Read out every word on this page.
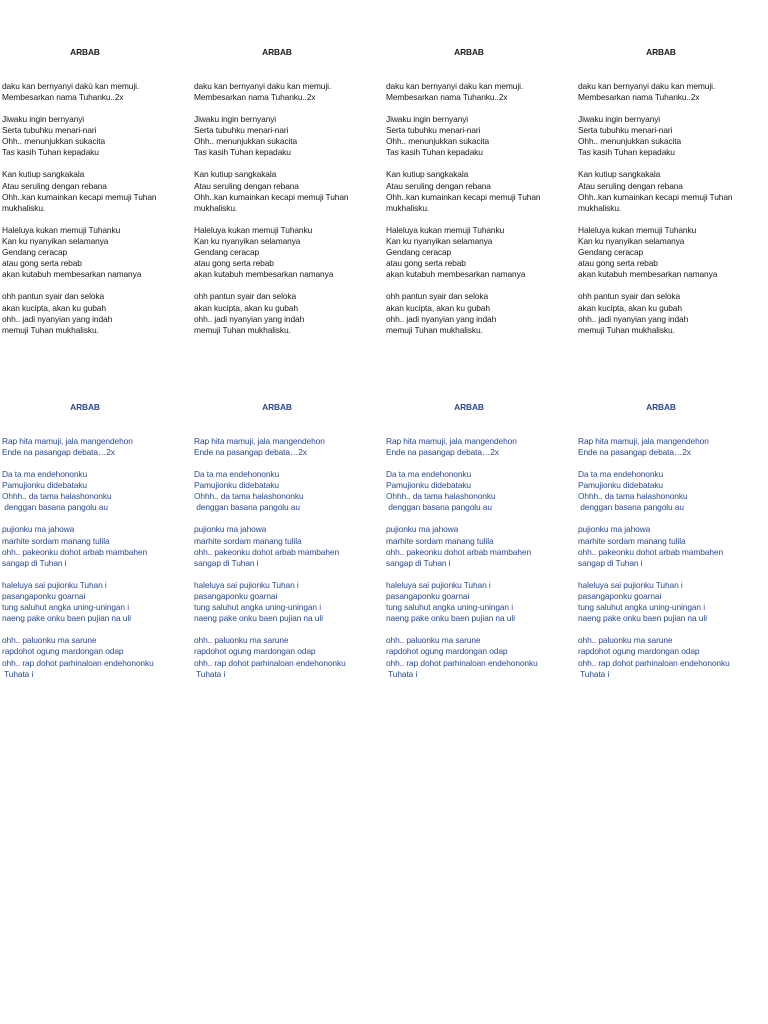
ARBAB

daku kan bernyanyi dakù kan memuji.
Membesarkan nama Tuhanku..2x
Jiwaku ingin bernyanyi
Serta tubuhku menari-nari
Ohh.. menunjukkan sukacita
Tas kasih Tuhan kepadaku
Kan kutiup sangkakala
Atau seruling dengan rebana
Ohh..kan kumainkan kecapi memuji Tuhan
mukhalisku.
Haleluya kukan memuji Tuhanku
Kan ku nyanyikan selamanya
Gendang ceracap
atau gong serta rebab
akan kutabuh membesarkan namanya
ohh pantun syair dan seloka
akan kucipta, akan ku gubah
ohh.. jadi nyanyian yang indah
memuji Tuhan mukhalisku.

ARBAB

Rap hita mamuji, jala mangendehon
Ende na pasangap debata…2x
Da ta ma endehononku
Pamujionku didebataku
Ohhh.. da tama halashononku
denggan basana pangolu au
pujionku ma jahowa
marhite sordam manang tulila
ohh.. pakeonku dohot arbab mambahen
sangap di Tuhan i
haleluya sai pujionku Tuhan i
pasangaponku goarnai
tung saluhut angka uning-uningan i
naeng pake onku baen pujian na uli
ohh.. paluonku ma sarune
rapdohot ogung mardongan odap
ohh.. rap dohot parhinaloan endehononku
Tuhata i

ARBAB

daku kan bernyanyi daku kan memuji.
Membesarkan nama Tuhanku..2x
Jiwaku ingin bernyanyi
Serta tubuhku menari-nari
Ohh.. menunjukkan sukacita
Tas kasih Tuhan kepadaku
Kan kutiup sangkakala
Atau seruling dengan rebana
Ohh..kan kumainkan kecapi memuji Tuhan
mukhalisku.
Haleluya kukan memuji Tuhanku
Kan ku nyanyikan selamanya
Gendang ceracap
atau gong serta rebab
akan kutabuh membesarkan namanya
ohh pantun syair dan seloka
akan kucipta, akan ku gubah
ohh.. jadi nyanyian yang indah
memuji Tuhan mukhalisku.

ARBAB

Rap hita mamuji, jala mangendehon
Ende na pasangap debata…2x
Da ta ma endehononku
Pamujionku didebataku
Ohhh.. da tama halashononku
denggan basana pangolu au
pujionku ma jahowa
marhite sordam manang tulila
ohh.. pakeonku dohot arbab mambahen
sangap di Tuhan i
haleluya sai pujionku Tuhan i
pasangaponku goarnai
tung saluhut angka uning-uningan i
naeng pake onku baen pujian na uli
ohh.. paluonku ma sarune
rapdohot ogung mardongan odap
ohh.. rap dohot parhinaloan endehononku
Tuhata i

ARBAB

daku kan bernyanyi daku kan memuji.
Membesarkan nama Tuhanku..2x
Jiwaku ingin bernyanyi
Serta tubuhku menari-nari
Ohh.. menunjukkan sukacita
Tas kasih Tuhan kepadaku
Kan kutiup sangkakala
Atau seruling dengan rebana
Ohh..kan kumainkan kecapi memuji Tuhan
mukhalisku.
Haleluya kukan memuji Tuhanku
Kan ku nyanyikan selamanya
Gendang ceracap
atau gong serta rebab
akan kutabuh membesarkan namanya
ohh pantun syair dan seloka
akan kucipta, akan ku gubah
ohh.. jadi nyanyian yang indah
memuji Tuhan mukhalisku.

ARBAB

Rap hita mamuji, jala mangendehon
Ende na pasangap debata…2x
Da ta ma endehononku
Pamujionku didebataku
Ohhh.. da tama halashononku
denggan basana pangolu au
pujionku ma jahowa
marhite sordam manang tulila
ohh.. pakeonku dohot arbab mambahen
sangap di Tuhan i
haleluya sai pujionku Tuhan i
pasangaponku goarnai
tung saluhut angka uning-uningan i
naeng pake onku baen pujian na uli
ohh.. paluonku ma sarune
rapdohot ogung mardongan odap
ohh.. rap dohot parhinaloan endehononku
Tuhata i

ARBAB

daku kan bernyanyi daku kan memuji.
Membesarkan nama Tuhanku..2x
Jiwaku ingin bernyanyi
Serta tubuhku menari-nari
Ohh.. menunjukkan sukacita
Tas kasih Tuhan kepadaku
Kan kutiup sangkakala
Atau seruling dengan rebana
Ohh..kan kumainkan kecapi memuji Tuhan
mukhalisku.
Haleluya kukan memuji Tuhanku
Kan ku nyanyikan selamanya
Gendang ceracap
atau gong serta rebab
akan kutabuh membesarkan namanya
ohh pantun syair dan seloka
akan kucipta, akan ku gubah
ohh.. jadi nyanyian yang indah
memuji Tuhan mukhalisku.

ARBAB

Rap hita mamuji, jala mangendehon
Ende na pasangap debata…2x
Da ta ma endehononku
Pamujionku didebataku
Ohhh.. da tama halashononku
denggan basana pangolu au
pujionku ma jahowa
marhite sordam manang tulila
ohh.. pakeonku dohot arbab mambahen
sangap di Tuhan i
haleluya sai pujionku Tuhan i
pasangaponku goarnai
tung saluhut angka uning-uningan i
naeng pake onku baen pujian na uli
ohh.. paluonku ma sarune
rapdohot ogung mardongan odap
ohh.. rap dohot parhinaloan endehononku
Tuhata i
